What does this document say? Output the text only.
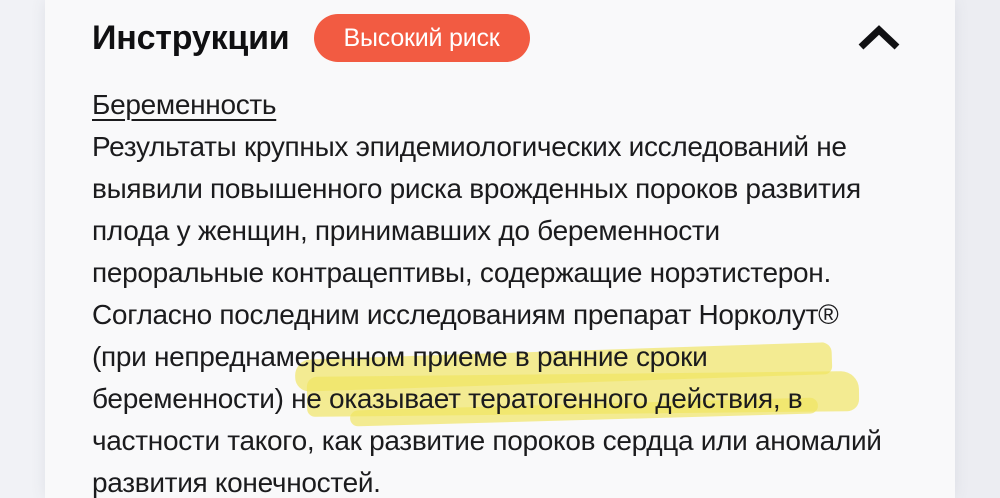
Инструкции Высокий риск
Беременность
Результаты крупных эпидемиологических исследований не
выявили повышенного риска врожденных пороков развития
плода у женщин, принимавших до беременности
пероральные контрацептивы, содержащие норэтистерон.
Согласно последним исследованиям препарат Норколут®
(при непреднамеренном приеме в ранние сроки
беременности) не оказывает тератогенного действия, в
частности такого, как развитие пороков сердца или аномалий
развития конечностей.
